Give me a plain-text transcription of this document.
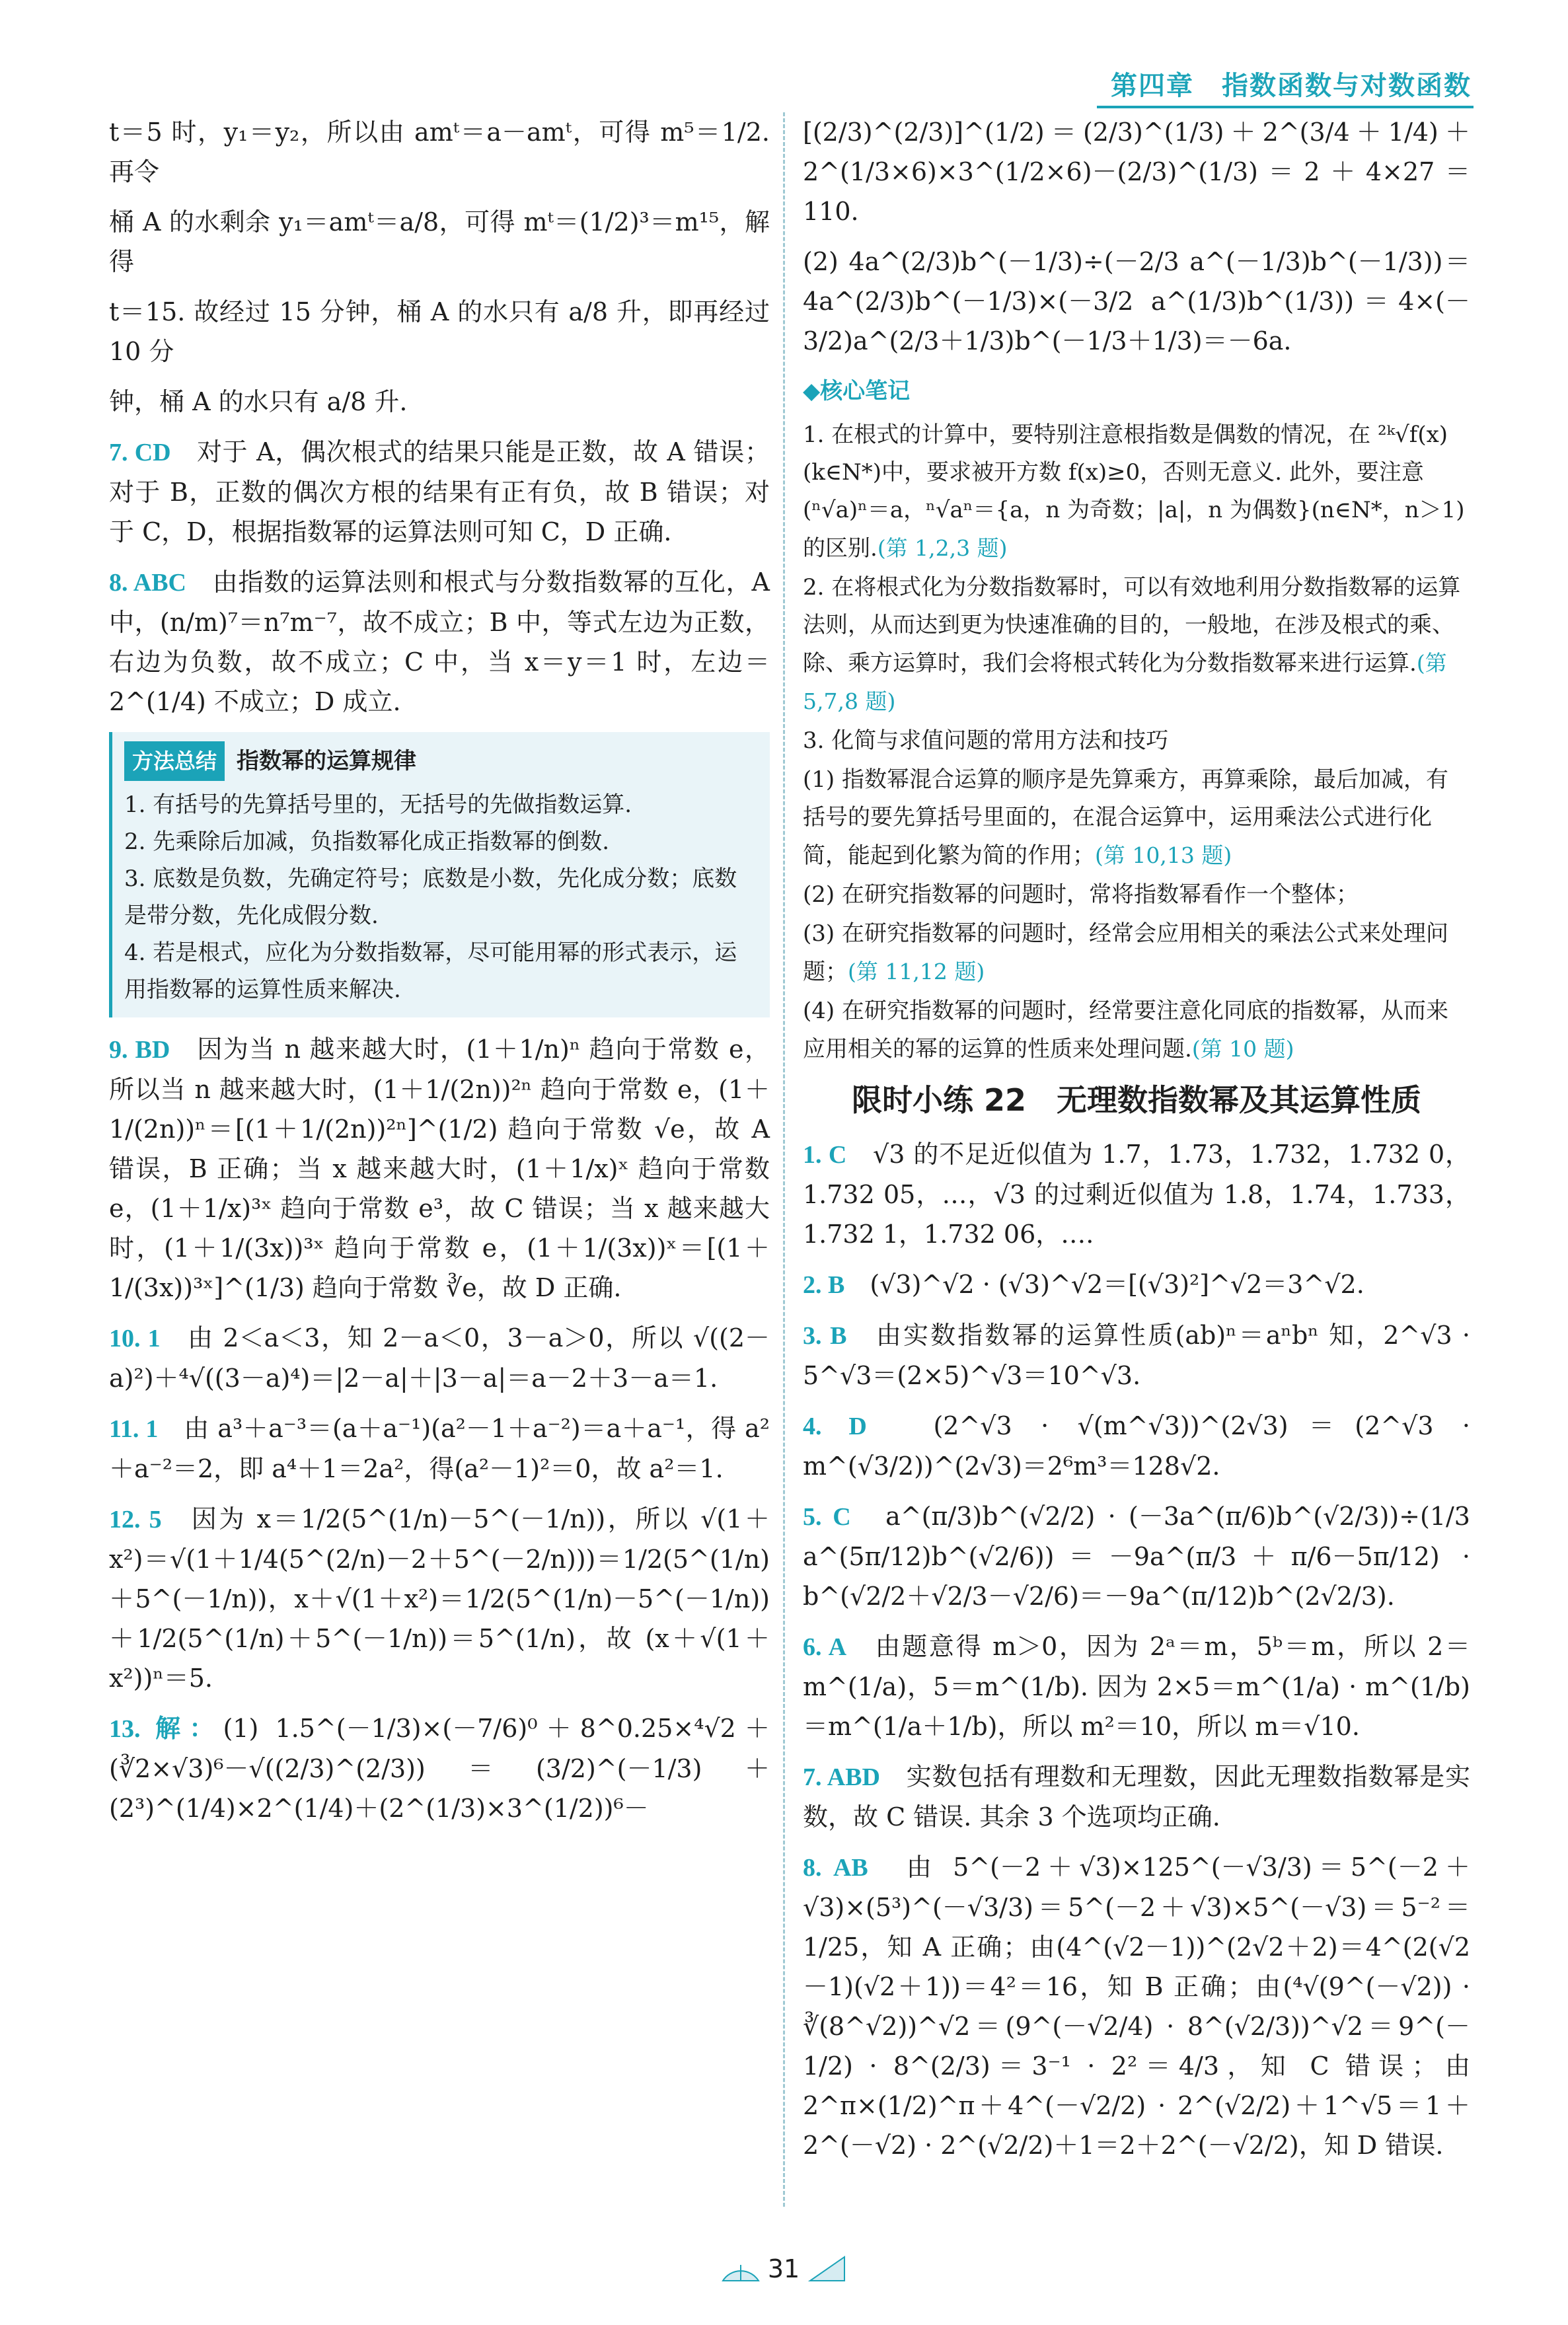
第四章　指数函数与对数函数

t＝5 时，y₁＝y₂，所以由 amᵗ＝a－amᵗ，可得 m⁵＝1/2. 再令

桶 A 的水剩余 y₁＝amᵗ＝a/8，可得 mᵗ＝(1/2)³＝m¹⁵，解得

t＝15. 故经过 15 分钟，桶 A 的水只有 a/8 升，即再经过 10 分

钟，桶 A 的水只有 a/8 升.

7. CD　 对于 A，偶次根式的结果只能是正数，故 A 错误；对于 B，正数的偶次方根的结果有正有负，故 B 错误；对于 C，D，根据指数幂的运算法则可知 C，D 正确.

8. ABC　 由指数的运算法则和根式与分数指数幂的互化，A 中，(n/m)⁷＝n⁷m⁻⁷，故不成立；B 中，等式左边为正数，右边为负数，故不成立；C 中，当 x＝y＝1 时，左边＝2^(1/4) 不成立；D 成立.

方法总结 指数幂的运算规律
1. 有括号的先算括号里的，无括号的先做指数运算.
2. 先乘除后加减，负指数幂化成正指数幂的倒数.
3. 底数是负数，先确定符号；底数是小数，先化成分数；底数是带分数，先化成假分数.
4. 若是根式，应化为分数指数幂，尽可能用幂的形式表示，运用指数幂的运算性质来解决.

9. BD　 因为当 n 越来越大时，(1＋1/n)ⁿ 趋向于常数 e，所以当 n 越来越大时，(1＋1/(2n))²ⁿ 趋向于常数 e，(1＋1/(2n))ⁿ＝[(1＋1/(2n))²ⁿ]^(1/2) 趋向于常数 √e，故 A 错误，B 正确；当 x 越来越大时，(1＋1/x)ˣ 趋向于常数 e，(1＋1/x)³ˣ 趋向于常数 e³，故 C 错误；当 x 越来越大时，(1＋1/(3x))³ˣ 趋向于常数 e，(1＋1/(3x))ˣ＝[(1＋1/(3x))³ˣ]^(1/3) 趋向于常数 ∛e，故 D 正确.

10. 1　 由 2＜a＜3，知 2－a＜0，3－a＞0，所以 √((2－a)²)＋⁴√((3－a)⁴)＝|2－a|＋|3－a|＝a－2＋3－a＝1.

11. 1　 由 a³＋a⁻³＝(a＋a⁻¹)(a²－1＋a⁻²)＝a＋a⁻¹，得 a²＋a⁻²＝2，即 a⁴＋1＝2a²，得(a²－1)²＝0，故 a²＝1.

12. 5　 因为 x＝1/2(5^(1/n)－5^(－1/n))，所以 √(1＋x²)＝√(1＋1/4(5^(2/n)－2＋5^(－2/n)))＝1/2(5^(1/n)＋5^(－1/n))，x＋√(1＋x²)＝1/2(5^(1/n)－5^(－1/n))＋1/2(5^(1/n)＋5^(－1/n))＝5^(1/n)，故 (x＋√(1＋x²))ⁿ＝5.

13. 解：(1) 1.5^(－1/3)×(－7/6)⁰＋8^0.25×⁴√2＋(∛2×√3)⁶－√((2/3)^(2/3))＝(3/2)^(－1/3)＋(2³)^(1/4)×2^(1/4)＋(2^(1/3)×3^(1/2))⁶－

[(2/3)^(2/3)]^(1/2)＝(2/3)^(1/3)＋2^(3/4＋1/4)＋2^(1/3×6)×3^(1/2×6)－(2/3)^(1/3)＝2＋4×27＝110.

(2) 4a^(2/3)b^(－1/3)÷(－2/3 a^(－1/3)b^(－1/3))＝4a^(2/3)b^(－1/3)×(－3/2 a^(1/3)b^(1/3))＝4×(－3/2)a^(2/3＋1/3)b^(－1/3＋1/3)＝－6a.

◆核心笔记

1. 在根式的计算中，要特别注意根指数是偶数的情况，在 ²ᵏ√f(x)(k∈N*)中，要求被开方数 f(x)≥0，否则无意义. 此外，要注意 (ⁿ√a)ⁿ＝a，ⁿ√aⁿ＝{a，n 为奇数；|a|，n 为偶数}(n∈N*，n＞1)的区别.(第 1,2,3 题)

2. 在将根式化为分数指数幂时，可以有效地利用分数指数幂的运算法则，从而达到更为快速准确的目的，一般地，在涉及根式的乘、除、乘方运算时，我们会将根式转化为分数指数幂来进行运算.(第 5,7,8 题)

3. 化简与求值问题的常用方法和技巧

(1) 指数幂混合运算的顺序是先算乘方，再算乘除，最后加减，有括号的要先算括号里面的，在混合运算中，运用乘法公式进行化简，能起到化繁为简的作用；(第 10,13 题)

(2) 在研究指数幂的问题时，常将指数幂看作一个整体；

(3) 在研究指数幂的问题时，经常会应用相关的乘法公式来处理问题；(第 11,12 题)

(4) 在研究指数幂的问题时，经常要注意化同底的指数幂，从而来应用相关的幂的运算的性质来处理问题.(第 10 题)

限时小练 22　无理数指数幂及其运算性质

1. C　 √3 的不足近似值为 1.7，1.73，1.732，1.732 0，1.732 05，…，√3 的过剩近似值为 1.8，1.74，1.733，1.732 1，1.732 06，….

2. B　 (√3)^√2 · (√3)^√2＝[(√3)²]^√2＝3^√2.

3. B　 由实数指数幂的运算性质(ab)ⁿ＝aⁿbⁿ 知，2^√3 · 5^√3＝(2×5)^√3＝10^√3.

4. D　	(2^√3 · √(m^√3))^(2√3)＝(2^√3 · m^(√3/2))^(2√3)＝2⁶m³＝128√2.

5. C　 a^(π/3)b^(√2/2) · (－3a^(π/6)b^(√2/3))÷(1/3 a^(5π/12)b^(√2/6))＝－9a^(π/3＋π/6－5π/12) · b^(√2/2＋√2/3－√2/6)＝－9a^(π/12)b^(2√2/3).

6. A　 由题意得 m＞0，因为 2ᵃ＝m，5ᵇ＝m，所以 2＝m^(1/a)，5＝m^(1/b). 因为 2×5＝m^(1/a) · m^(1/b)＝m^(1/a＋1/b)，所以 m²＝10，所以 m＝√10.

7. ABD　 实数包括有理数和无理数，因此无理数指数幂是实数，故 C 错误. 其余 3 个选项均正确.

8. AB　 由 5^(－2＋√3)×125^(－√3/3)＝5^(－2＋√3)×(5³)^(－√3/3)＝5^(－2＋√3)×5^(－√3)＝5⁻²＝1/25，知 A 正确；由(4^(√2－1))^(2√2＋2)＝4^(2(√2－1)(√2＋1))＝4²＝16，知 B 正确；由(⁴√(9^(－√2)) · ∛(8^√2))^√2＝(9^(－√2/4) · 8^(√2/3))^√2＝9^(－1/2) · 8^(2/3)＝3⁻¹ · 2²＝4/3，知 C 错误；由 2^π×(1/2)^π＋4^(－√2/2) · 2^(√2/2)＋1^√5＝1＋2^(－√2) · 2^(√2/2)＋1＝2＋2^(－√2/2)，知 D 错误.

31
